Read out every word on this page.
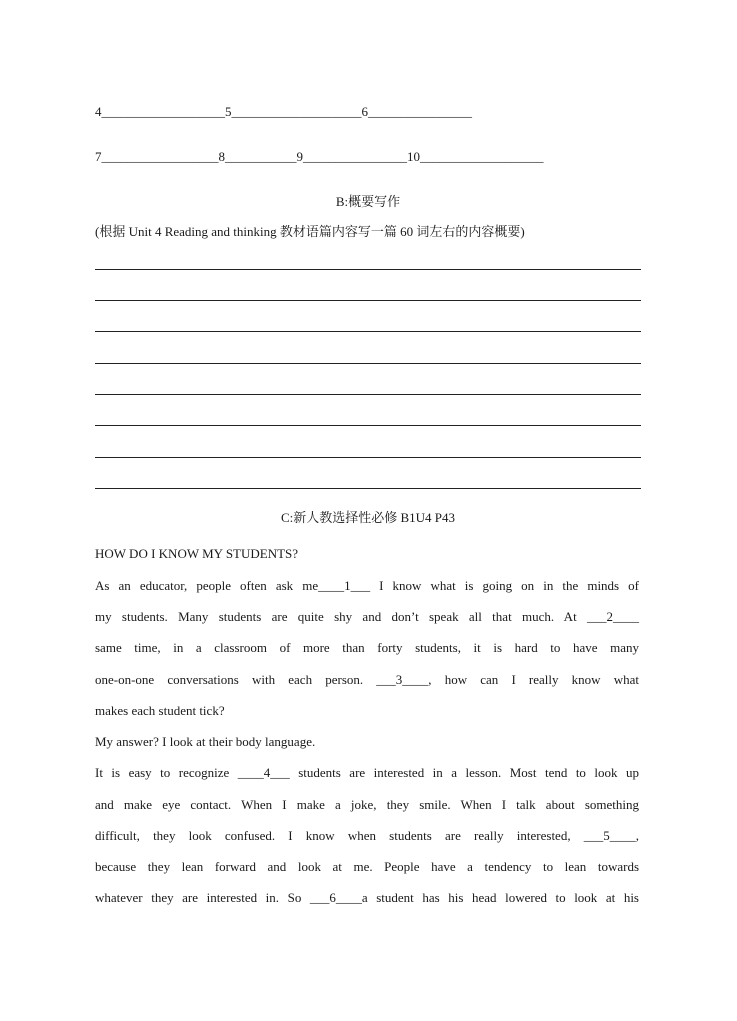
4___________________5____________________6________________
7__________________8___________9________________10___________________
B:概要写作
(根据 Unit 4 Reading and thinking 教材语篇内容写一篇 60 词左右的内容概要)
C:新人教选择性必修 B1U4 P43
HOW DO I KNOW MY STUDENTS?
As an educator, people often ask me____1___ I know what is going on in the minds of
my students. Many students are quite shy and don’t speak all that much. At ___2____
same time, in a classroom of more than forty students, it is hard to have many
one-on-one conversations with each person. ___3____, how can I really know what
makes each student tick?
My answer? I look at their body language.
It is easy to recognize ____4___ students are interested in a lesson. Most tend to look up
and make eye contact. When I make a joke, they smile. When I talk about something
difficult, they look confused. I know when students are really interested, ___5____,
because they lean forward and look at me. People have a tendency to lean towards
whatever they are interested in. So ___6____a student has his head lowered to look at his
